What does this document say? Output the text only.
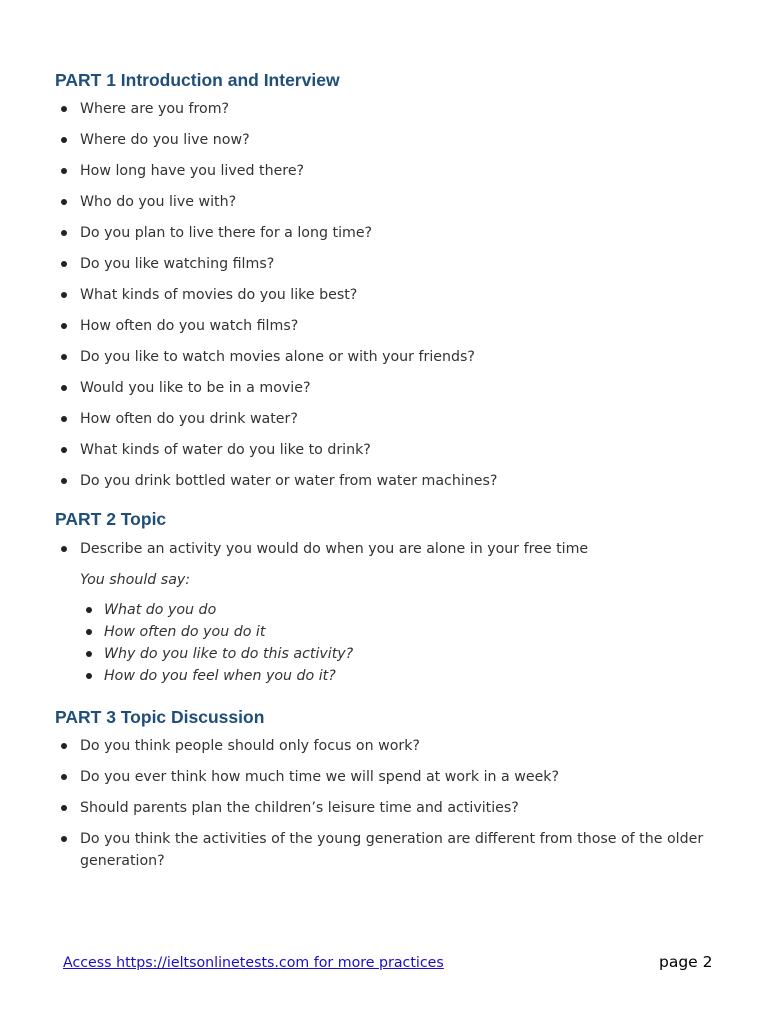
PART 1 Introduction and Interview
Where are you from?
Where do you live now?
How long have you lived there?
Who do you live with?
Do you plan to live there for a long time?
Do you like watching films?
What kinds of movies do you like best?
How often do you watch films?
Do you like to watch movies alone or with your friends?
Would you like to be in a movie?
How often do you drink water?
What kinds of water do you like to drink?
Do you drink bottled water or water from water machines?
PART 2 Topic
Describe an activity you would do when you are alone in your free time

You should say:

What do you do
How often do you do it
Why do you like to do this activity?
How do you feel when you do it?
PART 3 Topic Discussion
Do you think people should only focus on work?
Do you ever think how much time we will spend at work in a week?
Should parents plan the children’s leisure time and activities?
Do you think the activities of the young generation are different from those of the older generation?
Access https://ieltsonlinetests.com for more practices	page 2
